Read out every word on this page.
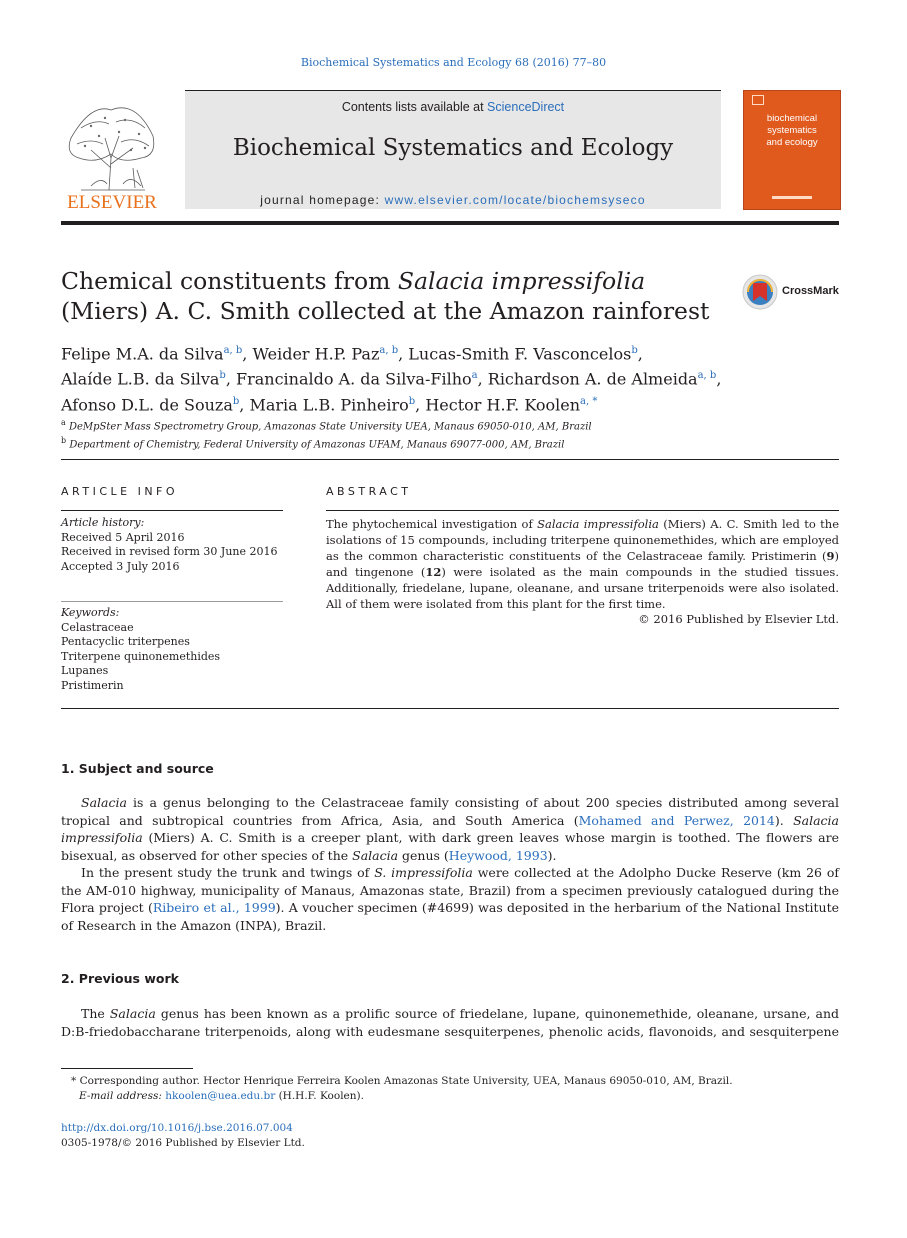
Biochemical Systematics and Ecology 68 (2016) 77–80
ELSEVIER
Contents lists available at ScienceDirect
Biochemical Systematics and Ecology
journal homepage: www.elsevier.com/locate/biochemsyseco
biochemical
systematics
and ecology
Chemical constituents from Salacia impressifolia (Miers) A. C. Smith collected at the Amazon rainforest
CrossMark
Felipe M.A. da Silva$^{a, b}$, Weider H.P. Paz$^{a, b}$, Lucas-Smith F. Vasconcelos$^b$,
Alaíde L.B. da Silva$^b$, Francinaldo A. da Silva-Filho$^a$, Richardson A. de Almeida$^{a, b}$,
Afonso D.L. de Souza$^b$, Maria L.B. Pinheiro$^b$, Hector H.F. Koolen$^{a, *}$
$^a$ DeMpSter Mass Spectrometry Group, Amazonas State University UEA, Manaus 69050-010, AM, Brazil
$^b$ Department of Chemistry, Federal University of Amazonas UFAM, Manaus 69077-000, AM, Brazil
ARTICLE INFO	ABSTRACT
Article history:
Received 5 April 2016
Received in revised form 30 June 2016
Accepted 3 July 2016
Keywords:
Celastraceae
Pentacyclic triterpenes
Triterpene quinonemethides
Lupanes
Pristimerin
The phytochemical investigation of Salacia impressifolia (Miers) A. C. Smith led to the isolations of 15 compounds, including triterpene quinonemethides, which are employed as the common characteristic constituents of the Celastraceae family. Pristimerin (9) and tingenone (12) were isolated as the main compounds in the studied tissues. Additionally, friedelane, lupane, oleanane, and ursane triterpenoids were also isolated. All of them were isolated from this plant for the first time.
© 2016 Published by Elsevier Ltd.
1. Subject and source
Salacia is a genus belonging to the Celastraceae family consisting of about 200 species distributed among several tropical and subtropical countries from Africa, Asia, and South America (Mohamed and Perwez, 2014). Salacia impressifolia (Miers) A. C. Smith is a creeper plant, with dark green leaves whose margin is toothed. The flowers are bisexual, as observed for other species of the Salacia genus (Heywood, 1993).
In the present study the trunk and twings of S. impressifolia were collected at the Adolpho Ducke Reserve (km 26 of the AM-010 highway, municipality of Manaus, Amazonas state, Brazil) from a specimen previously catalogued during the Flora project (Ribeiro et al., 1999). A voucher specimen (#4699) was deposited in the herbarium of the National Institute of Research in the Amazon (INPA), Brazil.
2. Previous work
The Salacia genus has been known as a prolific source of friedelane, lupane, quinonemethide, oleanane, ursane, and D:B-friedobaccharane triterpenoids, along with eudesmane sesquiterpenes, phenolic acids, flavonoids, and sesquiterpene
* Corresponding author. Hector Henrique Ferreira Koolen Amazonas State University, UEA, Manaus 69050-010, AM, Brazil.
E-mail address: hkoolen@uea.edu.br (H.H.F. Koolen).
http://dx.doi.org/10.1016/j.bse.2016.07.004
0305-1978/© 2016 Published by Elsevier Ltd.
